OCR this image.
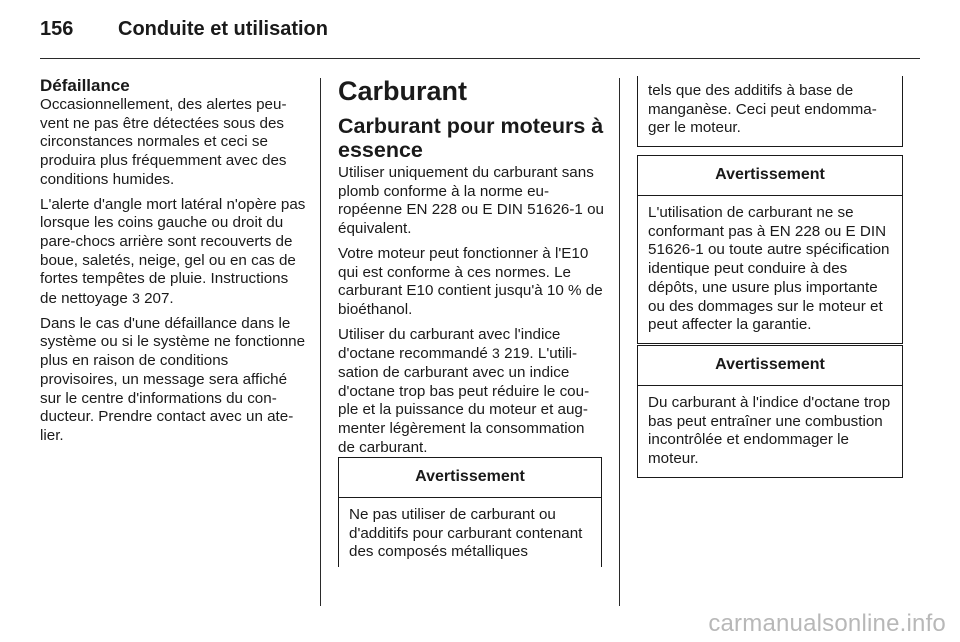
156 Conduite et utilisation
Défaillance

Occasionnellement, des alertes peuvent ne pas être détectées sous des circonstances normales et ceci se produira plus fréquemment avec des conditions humides.

L'alerte d'angle mort latéral n'opère pas lorsque les coins gauche ou droit du pare-chocs arrière sont recouverts de boue, saletés, neige, gel ou en cas de fortes tempêtes de pluie. Instructions de nettoyage 3 207.

Dans le cas d'une défaillance dans le système ou si le système ne fonctionne plus en raison de conditions provisoires, un message sera affiché sur le centre d'informations du conducteur. Prendre contact avec un atelier.

Carburant
Carburant pour moteurs à essence

Utiliser uniquement du carburant sans plomb conforme à la norme européenne EN 228 ou E DIN 51626-1 ou équivalent.

Votre moteur peut fonctionner à l'E10 qui est conforme à ces normes. Le carburant E10 contient jusqu'à 10 % de bioéthanol.

Utiliser du carburant avec l'indice d'octane recommandé 3 219. L'utilisation de carburant avec un indice d'octane trop bas peut réduire le couple et la puissance du moteur et augmenter légèrement la consommation de carburant.

Avertissement
Ne pas utiliser de carburant ou d'additifs pour carburant contenant des composés métalliques
tels que des additifs à base de manganèse. Ceci peut endommager le moteur.
Avertissement
L'utilisation de carburant ne se conformant pas à EN 228 ou E DIN 51626-1 ou toute autre spécification identique peut conduire à des dépôts, une usure plus importante ou des dommages sur le moteur et peut affecter la garantie.
Avertissement
Du carburant à l'indice d'octane trop bas peut entraîner une combustion incontrôlée et endommager le moteur.
carmanualsonline.info
